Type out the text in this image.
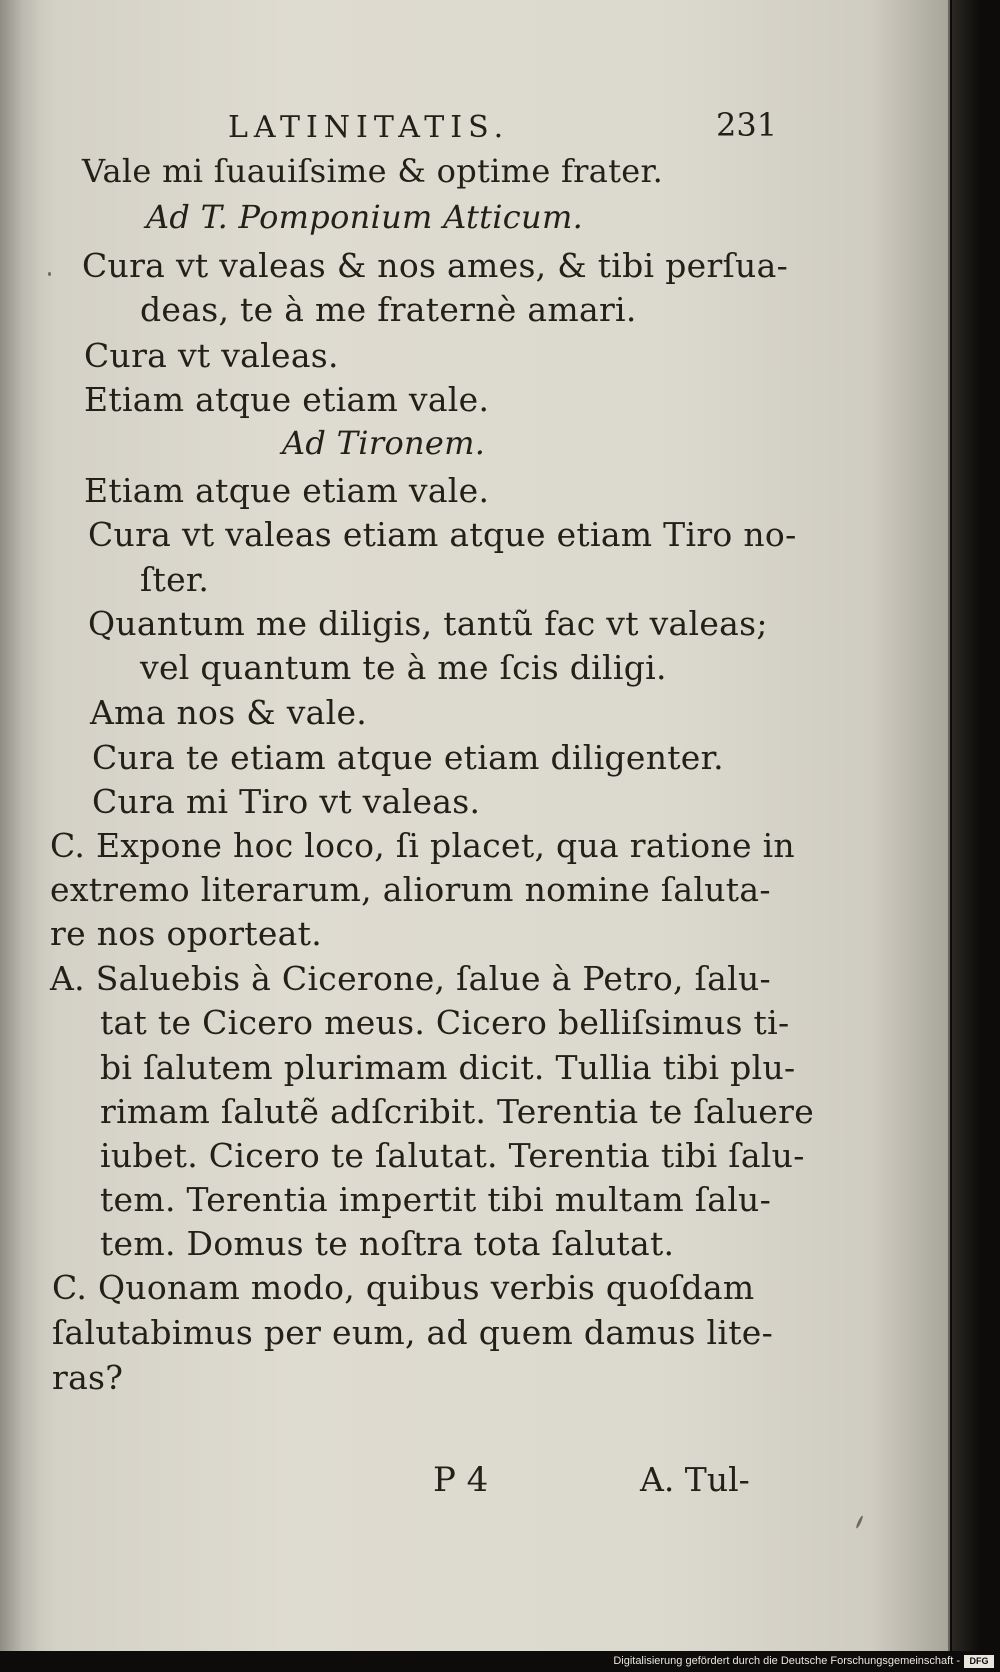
LATINITATIS.	231
Vale mi ſuauiſsime & optime frater.
Ad T. Pomponium Atticum.
Cura vt valeas & nos ames, & tibi perſua-
deas, te à me fraternè amari.
Cura vt valeas.
Etiam atque etiam vale.
Ad Tironem.
Etiam atque etiam vale.
Cura vt valeas etiam atque etiam Tiro no-
ſter.
Quantum me diligis, tantũ fac vt valeas;
vel quantum te à me ſcis diligi.
Ama nos & vale.
Cura te etiam atque etiam diligenter.
Cura mi Tiro vt valeas.
C. Expone hoc loco, ſi placet, qua ratione in
extremo literarum, aliorum nomine ſaluta-
re nos oporteat.
A. Saluebis à Cicerone, ſalue à Petro, ſalu-
tat te Cicero meus. Cicero belliſsimus ti-
bi ſalutem plurimam dicit. Tullia tibi plu-
rimam ſalutẽ adſcribit. Terentia te ſaluere
iubet. Cicero te ſalutat. Terentia tibi ſalu-
tem. Terentia impertit tibi multam ſalu-
tem. Domus te noſtra tota ſalutat.
C. Quonam modo, quibus verbis quoſdam
ſalutabimus per eum, ad quem damus lite-
ras?
P 4	A. Tul-
Digitalisierung gefördert durch die Deutsche Forschungsgemeinschaft -	DFG
